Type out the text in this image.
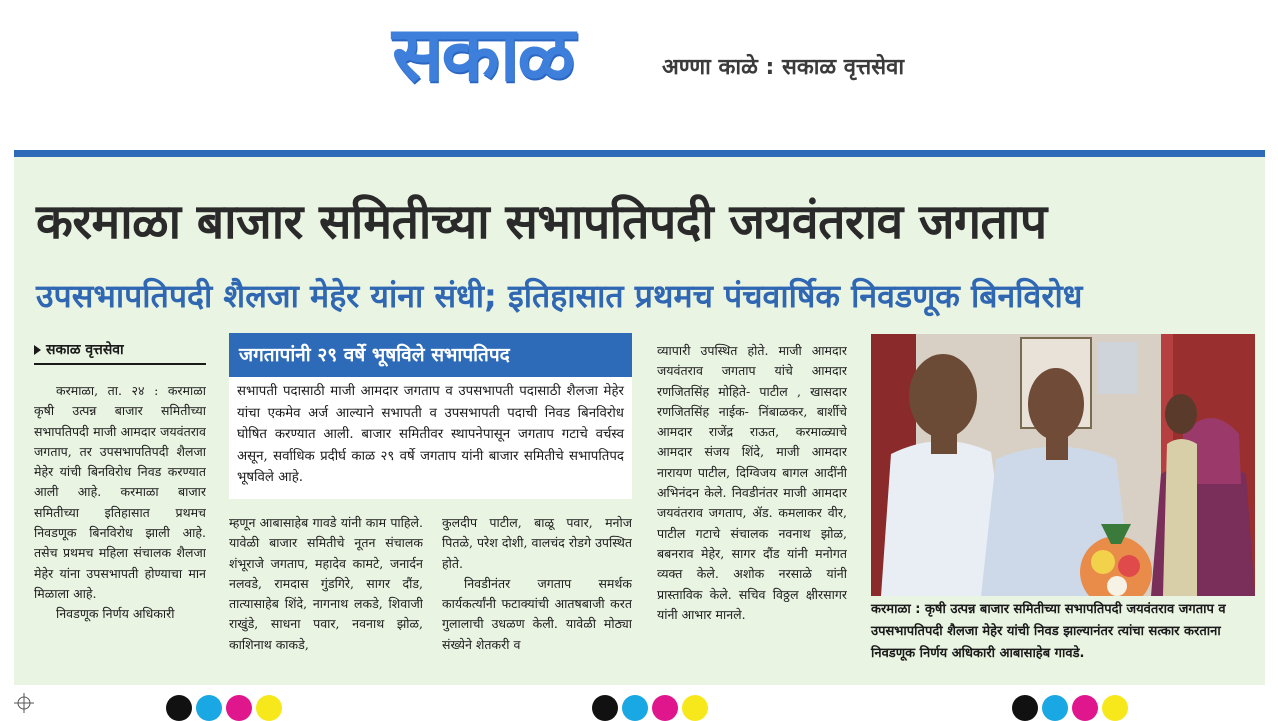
सकाळ	अण्णा काळे : सकाळ वृत्तसेवा
करमाळा बाजार समितीच्या सभापतिपदी जयवंतराव जगताप
उपसभापतिपदी शैलजा मेहेर यांना संधी; इतिहासात प्रथमच पंचवार्षिक निवडणूक बिनविरोध
सकाळ वृत्तसेवा

करमाळा, ता. २४ : करमाळा कृषी उत्पन्न बाजार समितीच्या सभापतिपदी माजी आमदार जयवंतराव जगताप, तर उपसभापतिपदी शैलजा मेहेर यांची बिनविरोध निवड करण्यात आली आहे. करमाळा बाजार समितीच्या इतिहासात प्रथमच निवडणूक बिनविरोध झाली आहे. तसेच प्रथमच महिला संचालक शैलजा मेहेर यांना उपसभापती होण्याचा मान मिळाला आहे.

निवडणूक निर्णय अधिकारी

जगतापांनी २९ वर्षे भूषविले सभापतिपद
सभापती पदासाठी माजी आमदार जगताप व उपसभापती पदासाठी शैलजा मेहेर यांचा एकमेव अर्ज आल्याने सभापती व उपसभापती पदाची निवड बिनविरोध घोषित करण्यात आली. बाजार समितीवर स्थापनेपासून जगताप गटाचे वर्चस्व असून, सर्वाधिक प्रदीर्घ काळ २९ वर्षे जगताप यांनी बाजार समितीचे सभापतिपद भूषविले आहे.

म्हणून आबासाहेब गावडे यांनी काम पाहिले. यावेळी बाजार समितीचे नूतन संचालक शंभूराजे जगताप, महादेव कामटे, जनार्दन नलवडे, रामदास गुंडगिरे, सागर दौंड, तात्यासाहेब शिंदे, नागनाथ लकडे, शिवाजी राखुंडे, साधना पवार, नवनाथ झोळ, काशिनाथ काकडे,

कुलदीप पाटील, बाळू पवार, मनोज पितळे, परेश दोशी, वालचंद रोडगे उपस्थित होते.

निवडीनंतर जगताप समर्थक कार्यकर्त्यांनी फटाक्यांची आतषबाजी करत गुलालाची उधळण केली. यावेळी मोठ्या संख्येने शेतकरी व

व्यापारी उपस्थित होते. माजी आमदार जयवंतराव जगताप यांचे आमदार रणजितसिंह मोहिते- पाटील , खासदार रणजितसिंह नाईक- निंबाळकर, बार्शीचे आमदार राजेंद्र राऊत, करमाळ्याचे आमदार संजय शिंदे, माजी आमदार नारायण पाटील, दिग्विजय बागल आदींनी अभिनंदन केले. निवडीनंतर माजी आमदार जयवंतराव जगताप, ॲड. कमलाकर वीर, पाटील गटाचे संचालक नवनाथ झोळ, बबनराव मेहेर, सागर दौंड यांनी मनोगत व्यक्त केले. अशोक नरसाळे यांनी प्रास्ताविक केले. सचिव विठ्ठल क्षीरसागर यांनी आभार मानले.	करमाळा : कृषी उत्पन्न बाजार समितीच्या सभापतिपदी जयवंतराव जगताप व उपसभापतिपदी शैलजा मेहेर यांची निवड झाल्यानंतर त्यांचा सत्कार करताना निवडणूक निर्णय अधिकारी आबासाहेब गावडे.
